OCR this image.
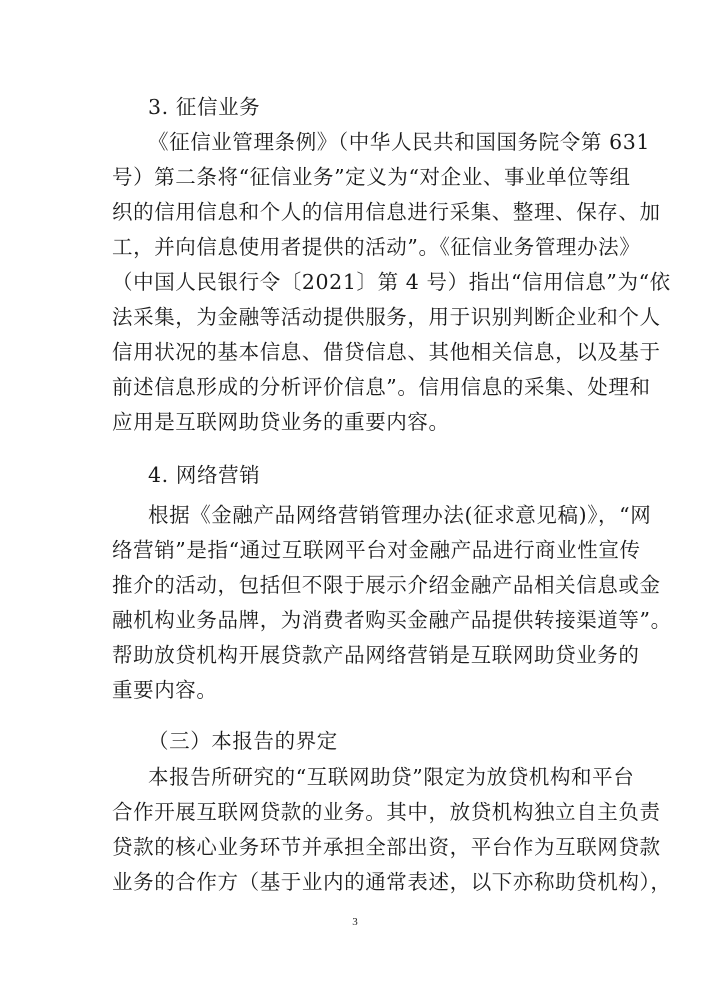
3. 征信业务
《征信业管理条例》（中华人民共和国国务院令第 631
号）第二条将“征信业务”定义为“对企业、事业单位等组
织的信用信息和个人的信用信息进行采集、整理、保存、加
工，并向信息使用者提供的活动”。《征信业务管理办法》
（中国人民银行令〔2021〕第 4 号）指出“信用信息”为“依
法采集，为金融等活动提供服务，用于识别判断企业和个人
信用状况的基本信息、借贷信息、其他相关信息，以及基于
前述信息形成的分析评价信息”。信用信息的采集、处理和
应用是互联网助贷业务的重要内容。
4. 网络营销
根据《金融产品网络营销管理办法(征求意见稿)》，“网
络营销”是指“通过互联网平台对金融产品进行商业性宣传
推介的活动，包括但不限于展示介绍金融产品相关信息或金
融机构业务品牌，为消费者购买金融产品提供转接渠道等”。
帮助放贷机构开展贷款产品网络营销是互联网助贷业务的
重要内容。
（三）本报告的界定
本报告所研究的“互联网助贷”限定为放贷机构和平台
合作开展互联网贷款的业务。其中，放贷机构独立自主负责
贷款的核心业务环节并承担全部出资，平台作为互联网贷款
业务的合作方（基于业内的通常表述，以下亦称助贷机构），
3
